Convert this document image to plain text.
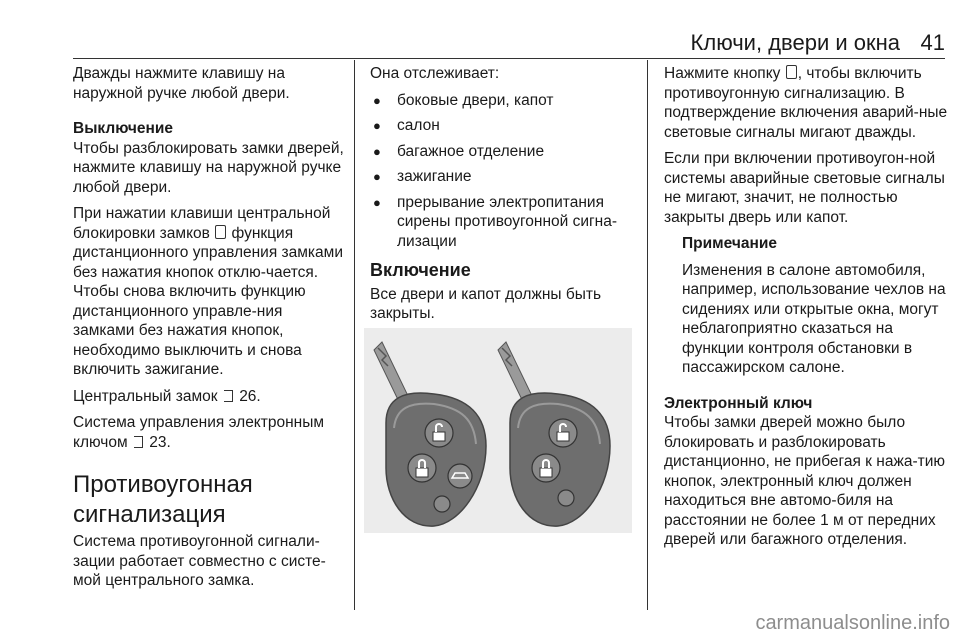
Ключи, двери и окна 41

Дважды нажмите клавишу на наружной ручке любой двери.

Выключение

Чтобы разблокировать замки дверей, нажмите клавишу на наружной ручке любой двери.

При нажатии клавиши центральной блокировки замков функция дистанционного управления замками без нажатия кнопок отклю-чается. Чтобы снова включить функцию дистанционного управле-ния замками без нажатия кнопок, необходимо выключить и снова включить зажигание.

Центральный замок 26.

Система управления электронным ключом 23.

Противоугонная сигнализация

Система противоугонной сигнали-зации работает совместно с систе-мой центрального замка.

Она отслеживает:

● боковые двери, капот
● салон
● багажное отделение
● зажигание
● прерывание электропитания сирены противоугонной сигна-лизации
Включение

Все двери и капот должны быть закрыты.

Нажмите кнопку , чтобы включить противоугонную сигнализацию. В подтверждение включения аварий-ные световые сигналы мигают дважды.

Если при включении противоугон-ной системы аварийные световые сигналы не мигают, значит, не полностью закрыты дверь или капот.

Примечание

Изменения в салоне автомобиля, например, использование чехлов на сидениях или открытые окна, могут неблагоприятно сказаться на функции контроля обстановки в пассажирском салоне.

Электронный ключ

Чтобы замки дверей можно было блокировать и разблокировать дистанционно, не прибегая к нажа-тию кнопок, электронный ключ должен находиться вне автомо-биля на расстоянии не более 1 м от передних дверей или багажного отделения.

carmanualsonline.info
